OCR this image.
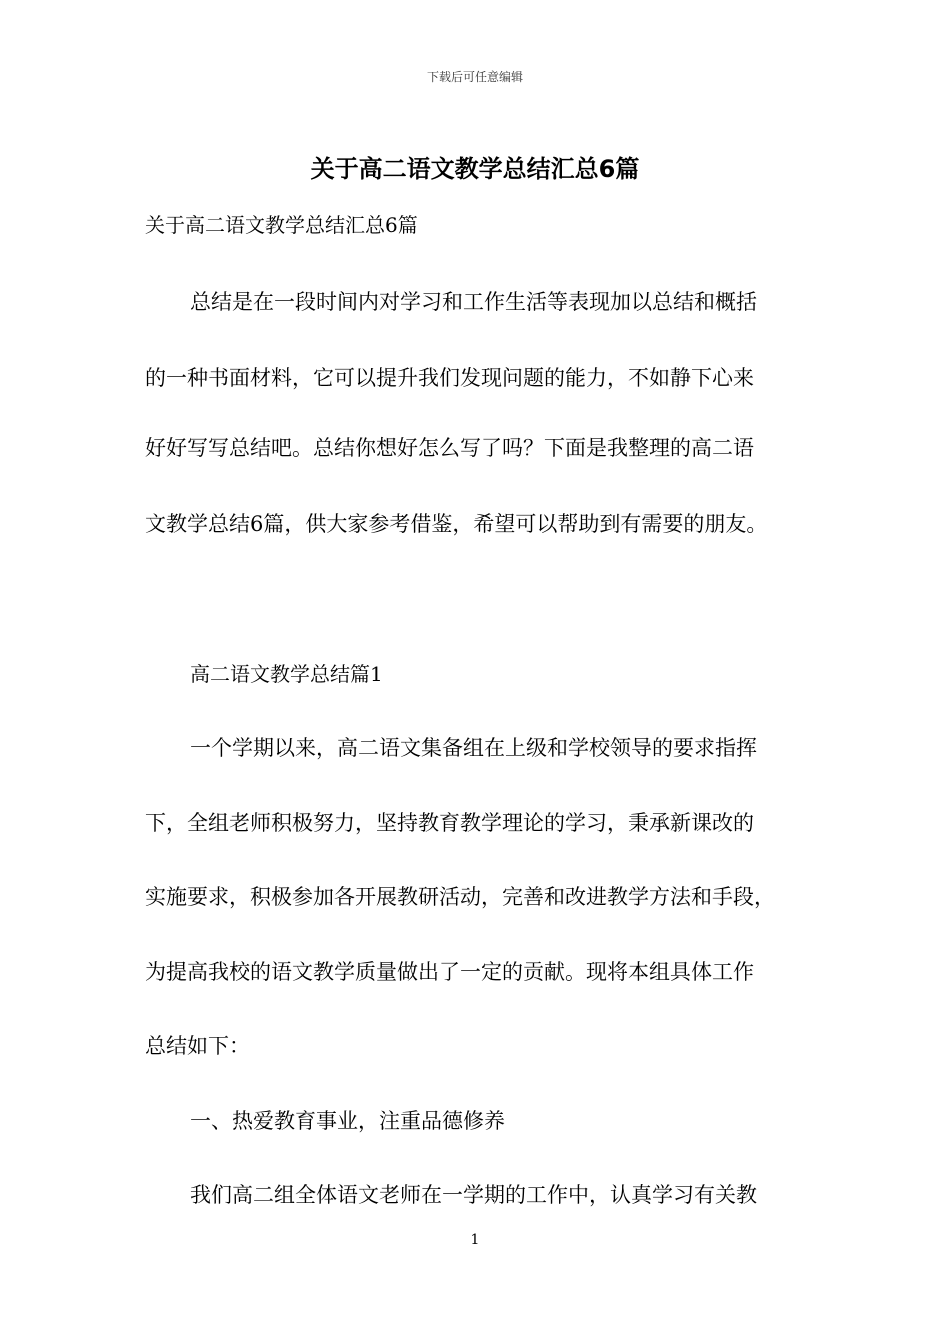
下载后可任意编辑
关于高二语文教学总结汇总6篇
关于高二语文教学总结汇总6篇
总结是在一段时间内对学习和工作生活等表现加以总结和概括
的一种书面材料，它可以提升我们发现问题的能力，不如静下心来
好好写写总结吧。总结你想好怎么写了吗？下面是我整理的高二语
文教学总结6篇，供大家参考借鉴，希望可以帮助到有需要的朋友。
高二语文教学总结篇1
一个学期以来，高二语文集备组在上级和学校领导的要求指挥
下，全组老师积极努力，坚持教育教学理论的学习，秉承新课改的
实施要求，积极参加各开展教研活动，完善和改进教学方法和手段，
为提高我校的语文教学质量做出了一定的贡献。现将本组具体工作
总结如下：
一、热爱教育事业，注重品德修养
我们高二组全体语文老师在一学期的工作中，认真学习有关教
1
